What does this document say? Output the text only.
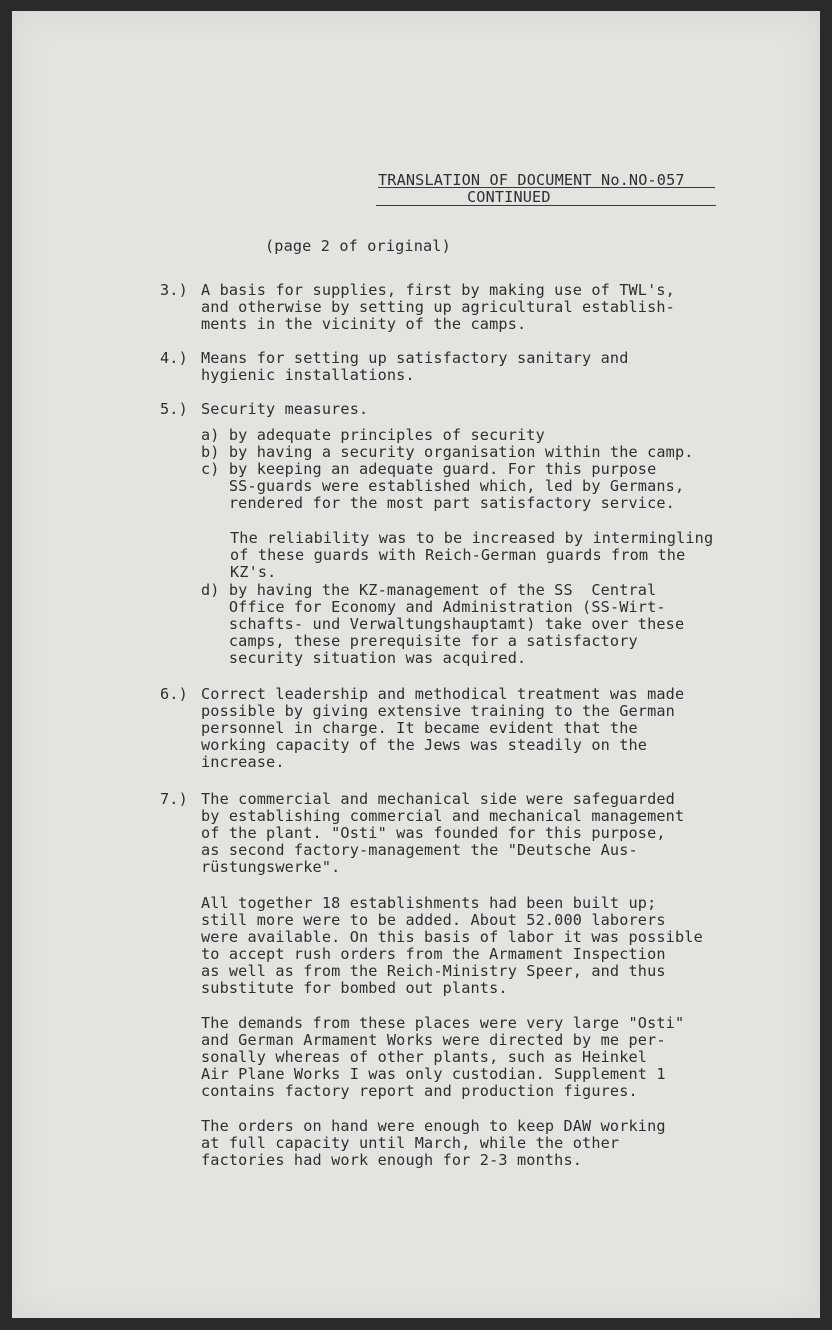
TRANSLATION OF DOCUMENT No.NO-057
CONTINUED
(page 2 of original)
3.) A basis for supplies, first by making use of TWL's,
and otherwise by setting up agricultural establish-
ments in the vicinity of the camps.
4.) Means for setting up satisfactory sanitary and
hygienic installations.
5.) Security measures.
a) by adequate principles of security
b) by having a security organisation within the camp.
c) by keeping an adequate guard. For this purpose
SS-guards were established which, led by Germans,
rendered for the most part satisfactory service.
The reliability was to be increased by intermingling
of these guards with Reich-German guards from the
KZ's.
d) by having the KZ-management of the SS  Central
Office for Economy and Administration (SS-Wirt-
schafts- und Verwaltungshauptamt) take over these
camps, these prerequisite for a satisfactory
security situation was acquired.
6.) Correct leadership and methodical treatment was made
possible by giving extensive training to the German
personnel in charge. It became evident that the
working capacity of the Jews was steadily on the
increase.
7.) The commercial and mechanical side were safeguarded
by establishing commercial and mechanical management
of the plant. "Osti" was founded for this purpose,
as second factory-management the "Deutsche Aus-
rüstungswerke".
All together 18 establishments had been built up;
still more were to be added. About 52.000 laborers
were available. On this basis of labor it was possible
to accept rush orders from the Armament Inspection
as well as from the Reich-Ministry Speer, and thus
substitute for bombed out plants.
The demands from these places were very large "Osti"
and German Armament Works were directed by me per-
sonally whereas of other plants, such as Heinkel
Air Plane Works I was only custodian. Supplement 1
contains factory report and production figures.
The orders on hand were enough to keep DAW working
at full capacity until March, while the other
factories had work enough for 2-3 months.
